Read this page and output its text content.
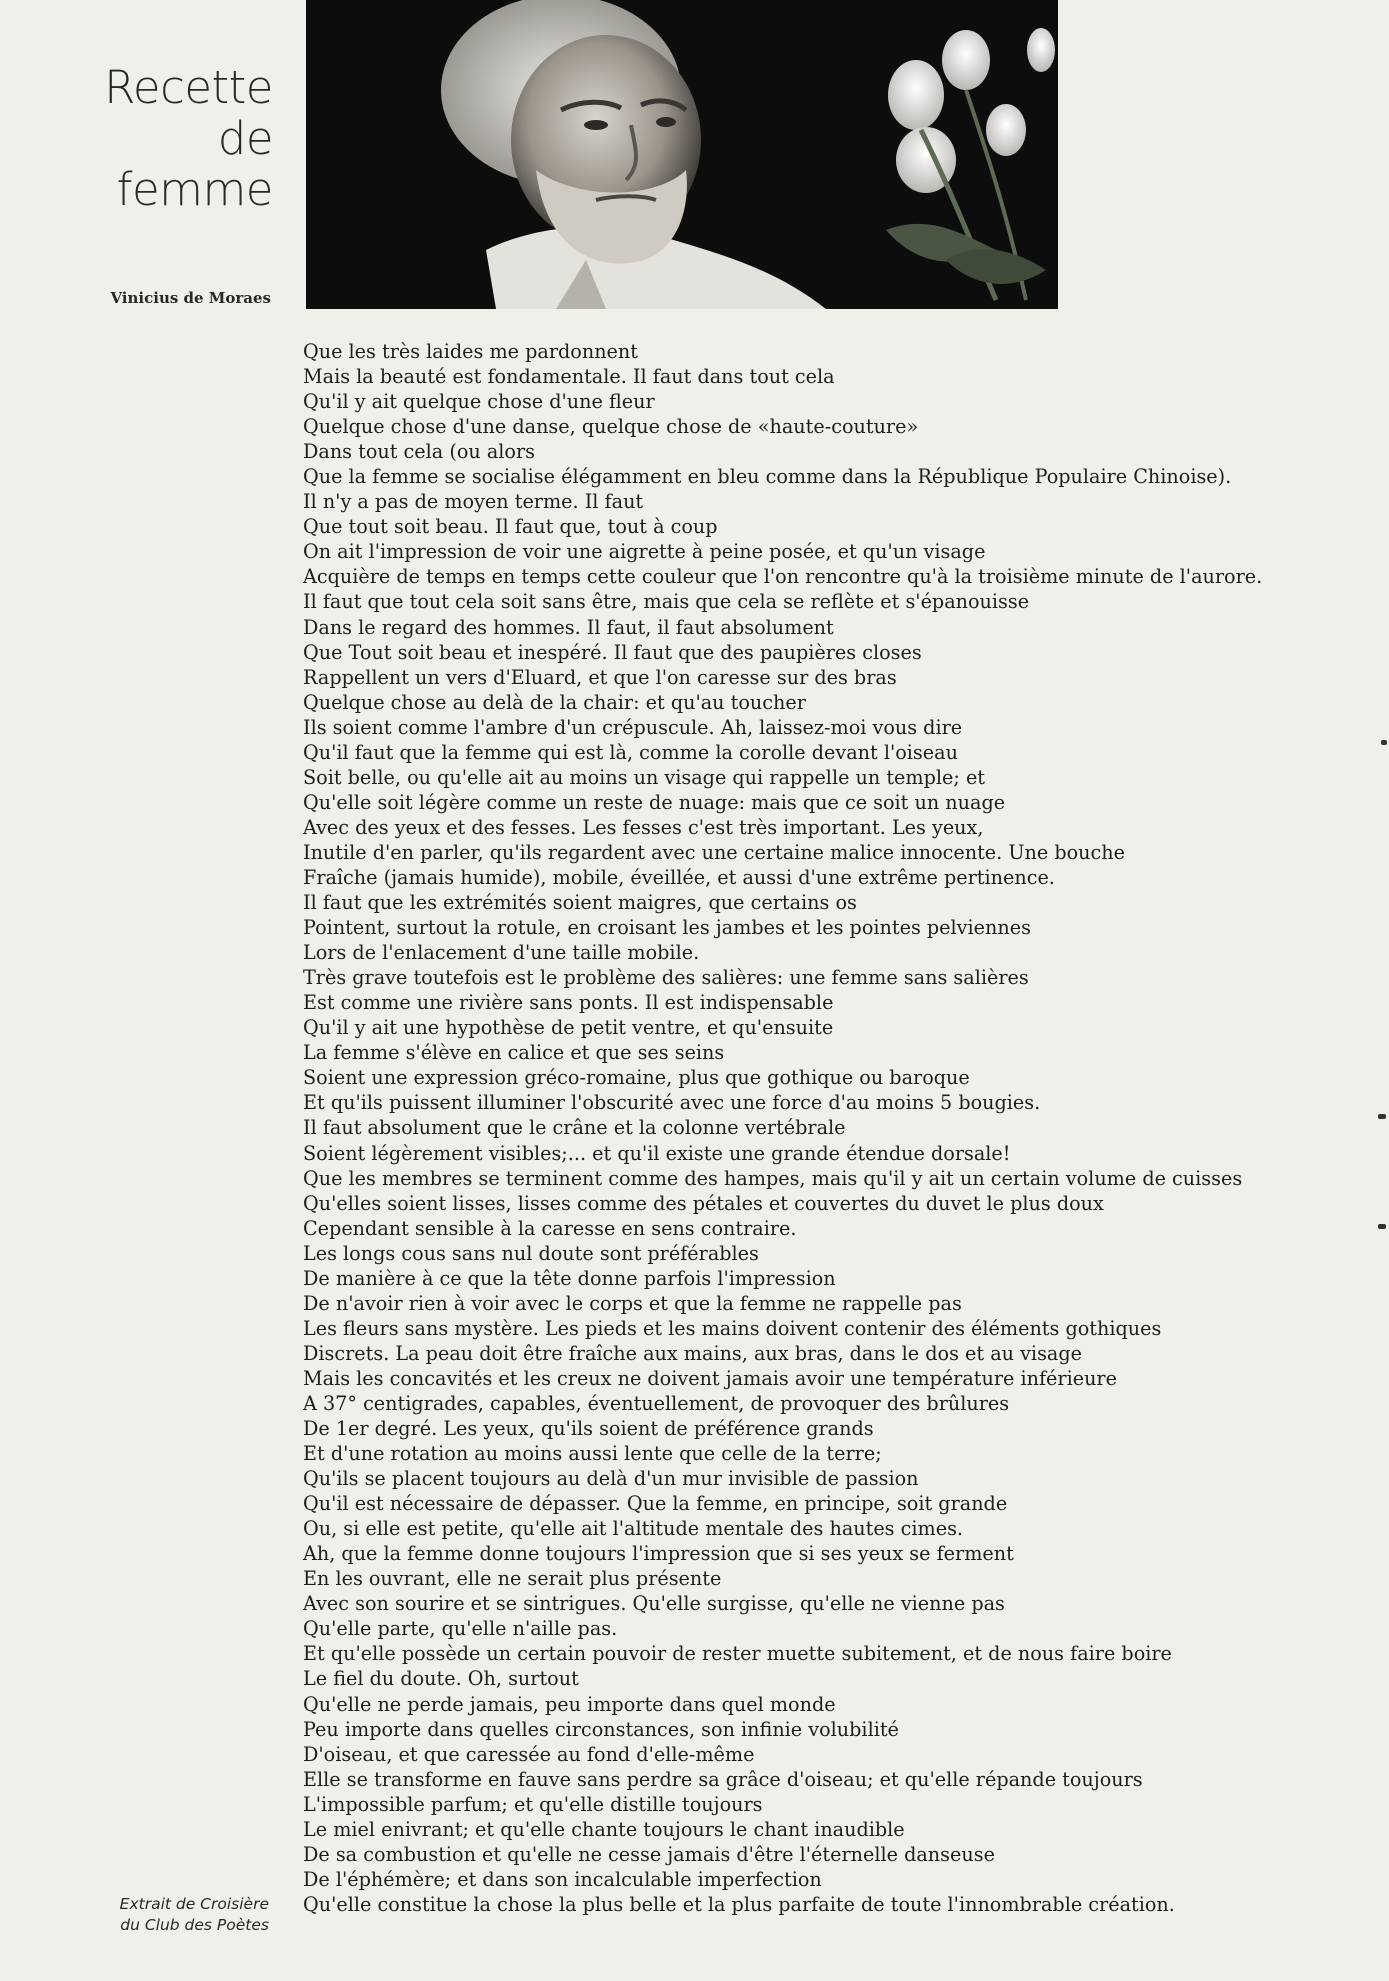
Recette
de
femme
Vinicius de Moraes
Que les très laides me pardonnent
Mais la beauté est fondamentale. Il faut dans tout cela
Qu'il y ait quelque chose d'une fleur
Quelque chose d'une danse, quelque chose de «haute-couture»
Dans tout cela (ou alors
Que la femme se socialise élégamment en bleu comme dans la République Populaire Chinoise).
Il n'y a pas de moyen terme. Il faut
Que tout soit beau. Il faut que, tout à coup
On ait l'impression de voir une aigrette à peine posée, et qu'un visage
Acquière de temps en temps cette couleur que l'on rencontre qu'à la troisième minute de l'aurore.
Il faut que tout cela soit sans être, mais que cela se reflète et s'épanouisse
Dans le regard des hommes. Il faut, il faut absolument
Que Tout soit beau et inespéré. Il faut que des paupières closes
Rappellent un vers d'Eluard, et que l'on caresse sur des bras
Quelque chose au delà de la chair: et qu'au toucher
Ils soient comme l'ambre d'un crépuscule. Ah, laissez-moi vous dire
Qu'il faut que la femme qui est là, comme la corolle devant l'oiseau
Soit belle, ou qu'elle ait au moins un visage qui rappelle un temple; et
Qu'elle soit légère comme un reste de nuage: mais que ce soit un nuage
Avec des yeux et des fesses. Les fesses c'est très important. Les yeux,
Inutile d'en parler, qu'ils regardent avec une certaine malice innocente. Une bouche
Fraîche (jamais humide), mobile, éveillée, et aussi d'une extrême pertinence.
Il faut que les extrémités soient maigres, que certains os
Pointent, surtout la rotule, en croisant les jambes et les pointes pelviennes
Lors de l'enlacement d'une taille mobile.
Très grave toutefois est le problème des salières: une femme sans salières
Est comme une rivière sans ponts. Il est indispensable
Qu'il y ait une hypothèse de petit ventre, et qu'ensuite
La femme s'élève en calice et que ses seins
Soient une expression gréco-romaine, plus que gothique ou baroque
Et qu'ils puissent illuminer l'obscurité avec une force d'au moins 5 bougies.
Il faut absolument que le crâne et la colonne vertébrale
Soient légèrement visibles;... et qu'il existe une grande étendue dorsale!
Que les membres se terminent comme des hampes, mais qu'il y ait un certain volume de cuisses
Qu'elles soient lisses, lisses comme des pétales et couvertes du duvet le plus doux
Cependant sensible à la caresse en sens contraire.
Les longs cous sans nul doute sont préférables
De manière à ce que la tête donne parfois l'impression
De n'avoir rien à voir avec le corps et que la femme ne rappelle pas
Les fleurs sans mystère. Les pieds et les mains doivent contenir des éléments gothiques
Discrets. La peau doit être fraîche aux mains, aux bras, dans le dos et au visage
Mais les concavités et les creux ne doivent jamais avoir une température inférieure
A 37° centigrades, capables, éventuellement, de provoquer des brûlures
De 1er degré. Les yeux, qu'ils soient de préférence grands
Et d'une rotation au moins aussi lente que celle de la terre;
Qu'ils se placent toujours au delà d'un mur invisible de passion
Qu'il est nécessaire de dépasser. Que la femme, en principe, soit grande
Ou, si elle est petite, qu'elle ait l'altitude mentale des hautes cimes.
Ah, que la femme donne toujours l'impression que si ses yeux se ferment
En les ouvrant, elle ne serait plus présente
Avec son sourire et se sintrigues. Qu'elle surgisse, qu'elle ne vienne pas
Qu'elle parte, qu'elle n'aille pas.
Et qu'elle possède un certain pouvoir de rester muette subitement, et de nous faire boire
Le fiel du doute. Oh, surtout
Qu'elle ne perde jamais, peu importe dans quel monde
Peu importe dans quelles circonstances, son infinie volubilité
D'oiseau, et que caressée au fond d'elle-même
Elle se transforme en fauve sans perdre sa grâce d'oiseau; et qu'elle répande toujours
L'impossible parfum; et qu'elle distille toujours
Le miel enivrant; et qu'elle chante toujours le chant inaudible
De sa combustion et qu'elle ne cesse jamais d'être l'éternelle danseuse
De l'éphémère; et dans son incalculable imperfection
Qu'elle constitue la chose la plus belle et la plus parfaite de toute l'innombrable création.
Extrait de Croisière
du Club des Poètes
